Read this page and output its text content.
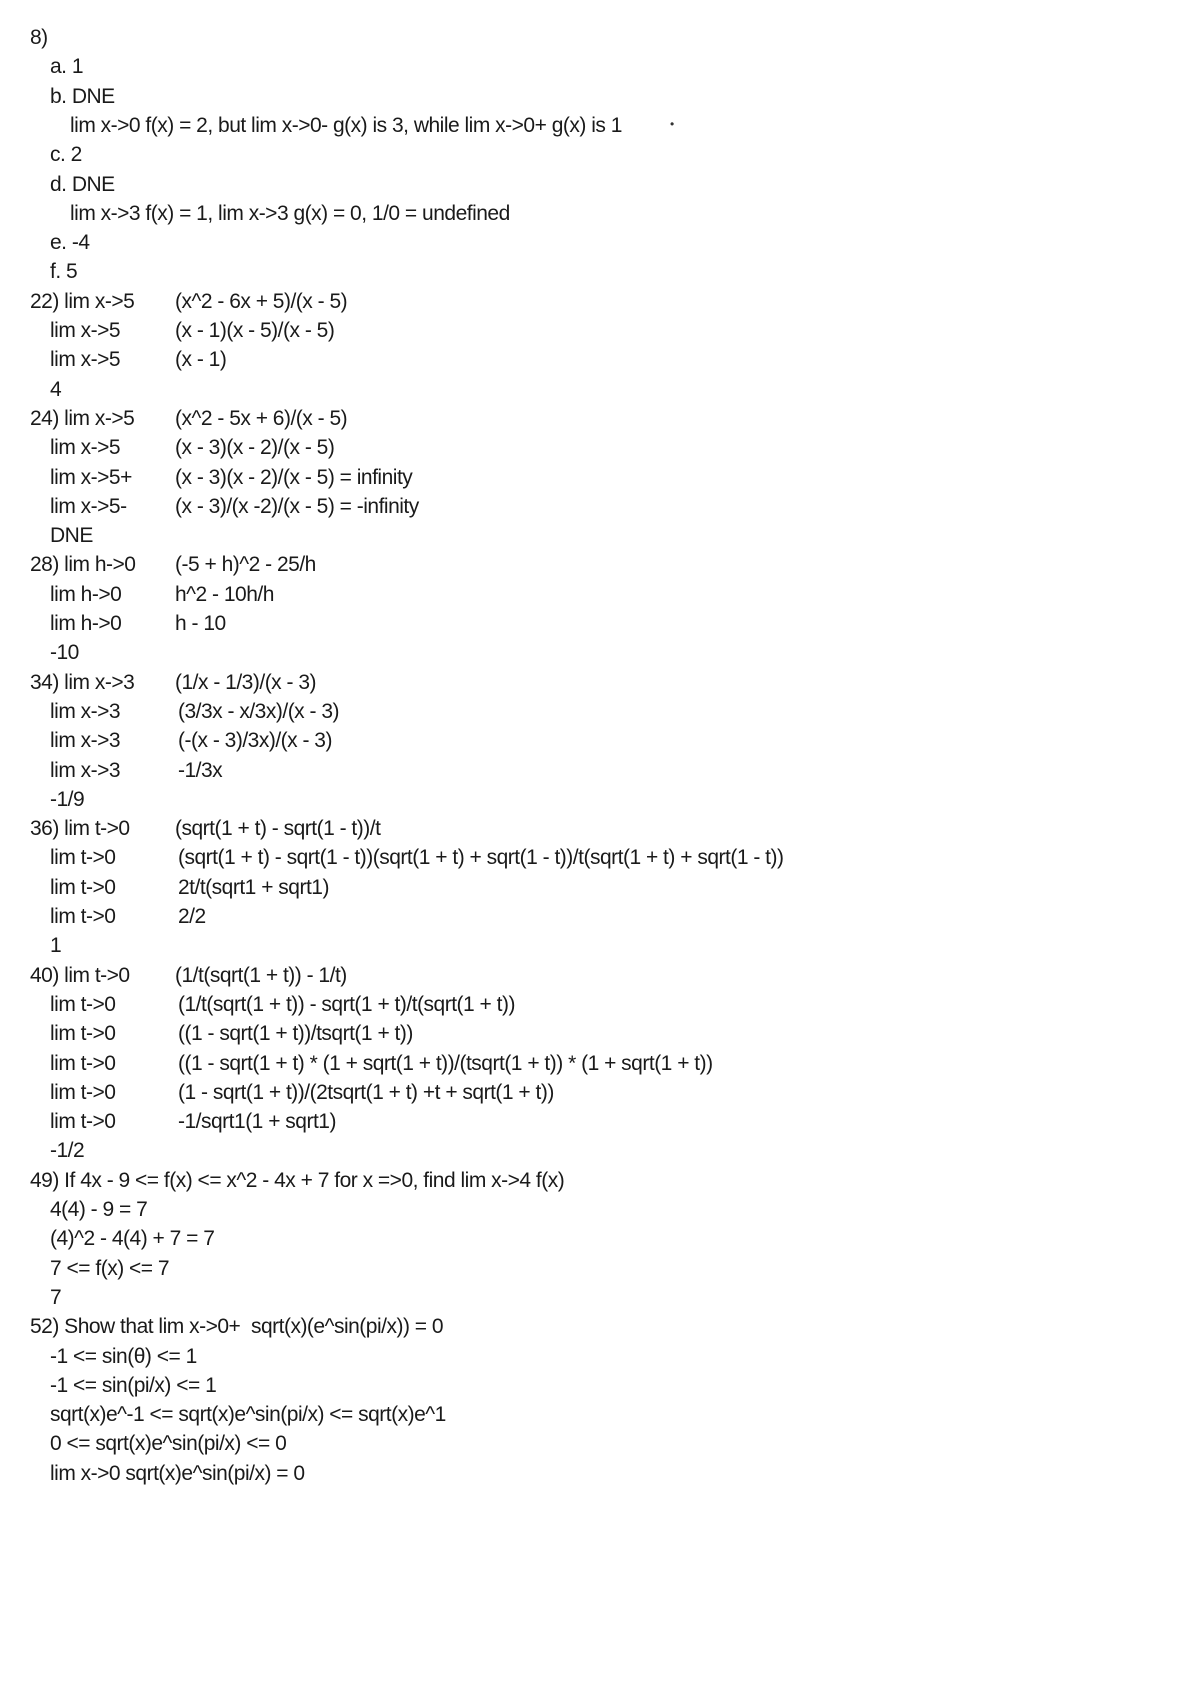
•
8)
a. 1
b. DNE
lim x->0 f(x) = 2, but lim x->0- g(x) is 3, while lim x->0+ g(x) is 1
c. 2
d. DNE
lim x->3 f(x) = 1, lim x->3 g(x) = 0, 1/0 = undefined
e. -4
f. 5
22) lim x->5 (x^2 - 6x + 5)/(x - 5)
lim x->5	(x - 1)(x - 5)/(x - 5)
lim x->5	(x - 1)
4
24) lim x->5 (x^2 - 5x + 6)/(x - 5)
lim x->5	(x - 3)(x - 2)/(x - 5)
lim x->5+ (x - 3)(x - 2)/(x - 5) = infinity
lim x->5- (x - 3)/(x -2)/(x - 5) = -infinity
DNE
28) lim h->0 (-5 + h)^2 - 25/h
lim h->0	h^2 - 10h/h
lim h->0	h - 10
-10
34) lim x->3 (1/x - 1/3)/(x - 3)
lim x->3	(3/3x - x/3x)/(x - 3)
lim x->3	(-(x - 3)/3x)/(x - 3)
lim x->3	-1/3x
-1/9
36) lim t->0 (sqrt(1 + t) - sqrt(1 - t))/t
lim t->0	(sqrt(1 + t) - sqrt(1 - t))(sqrt(1 + t) + sqrt(1 - t))/t(sqrt(1 + t) + sqrt(1 - t))
lim t->0	2t/t(sqrt1 + sqrt1)
lim t->0	2/2
1
40) lim t->0 (1/t(sqrt(1 + t)) - 1/t)
lim t->0	(1/t(sqrt(1 + t)) - sqrt(1 + t)/t(sqrt(1 + t))
lim t->0	((1 - sqrt(1 + t))/tsqrt(1 + t))
lim t->0	((1 - sqrt(1 + t) * (1 + sqrt(1 + t))/(tsqrt(1 + t)) * (1 + sqrt(1 + t))
lim t->0	(1 - sqrt(1 + t))/(2tsqrt(1 + t) +t + sqrt(1 + t))
lim t->0	-1/sqrt1(1 + sqrt1)
-1/2
49) If 4x - 9 <= f(x) <= x^2 - 4x + 7 for x =>0, find lim x->4 f(x)
4(4) - 9 = 7
(4)^2 - 4(4) + 7 = 7
7 <= f(x) <= 7
7
52) Show that lim x->0+  sqrt(x)(e^sin(pi/x)) = 0
-1 <= sin(θ) <= 1
-1 <= sin(pi/x) <= 1
sqrt(x)e^-1 <= sqrt(x)e^sin(pi/x) <= sqrt(x)e^1
0 <= sqrt(x)e^sin(pi/x) <= 0
lim x->0 sqrt(x)e^sin(pi/x) = 0
